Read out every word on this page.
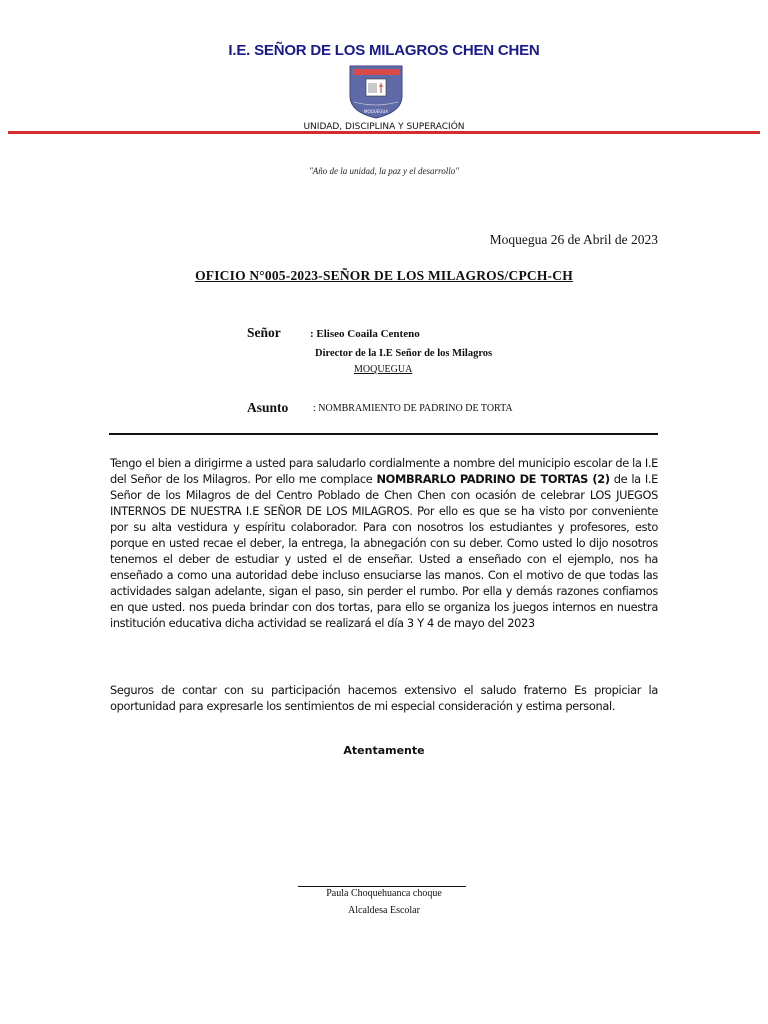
I.E. SEÑOR DE LOS MILAGROS CHEN CHEN
MOQUEGUA
UNIDAD, DISCIPLINA Y SUPERACIÓN
"Año de la unidad, la paz y el desarrollo"
Moquegua 26 de Abril de 2023
OFICIO N°005-2023-SEÑOR DE LOS MILAGROS/CPCH-CH
Señor	: Eliseo Coaila Centeno
Director de la I.E Señor de los Milagros
MOQUEGUA
Asunto : NOMBRAMIENTO DE PADRINO DE TORTA
Tengo el bien a dirigirme a usted para saludarlo cordialmente a nombre del municipio escolar de la I.E del Señor de los Milagros. Por ello me complace NOMBRARLO PADRINO DE TORTAS (2) de la I.E Señor de los Milagros de del Centro Poblado de Chen Chen con ocasión de celebrar LOS JUEGOS INTERNOS DE NUESTRA I.E SEÑOR DE LOS MILAGROS. Por ello es que se ha visto por conveniente por su alta vestidura y espíritu colaborador. Para con nosotros los estudiantes y profesores, esto porque en usted recae el deber, la entrega, la abnegación con su deber. Como usted lo dijo nosotros tenemos el deber de estudiar y usted el de enseñar. Usted a enseñado con el ejemplo, nos ha enseñado a como una autoridad debe incluso ensuciarse las manos. Con el motivo de que todas las actividades salgan adelante, sigan el paso, sin perder el rumbo. Por ella y demás razones confiamos en que usted. nos pueda brindar con dos tortas, para ello se organiza los juegos internos en nuestra institución educativa dicha actividad se realizará el día 3 Y 4 de mayo del 2023
Seguros de contar con su participación hacemos extensivo el saludo fraterno Es propiciar la oportunidad para expresarle los sentimientos de mi especial consideración y estima personal.
Atentamente
Paula Choquehuanca choque
Alcaldesa Escolar
